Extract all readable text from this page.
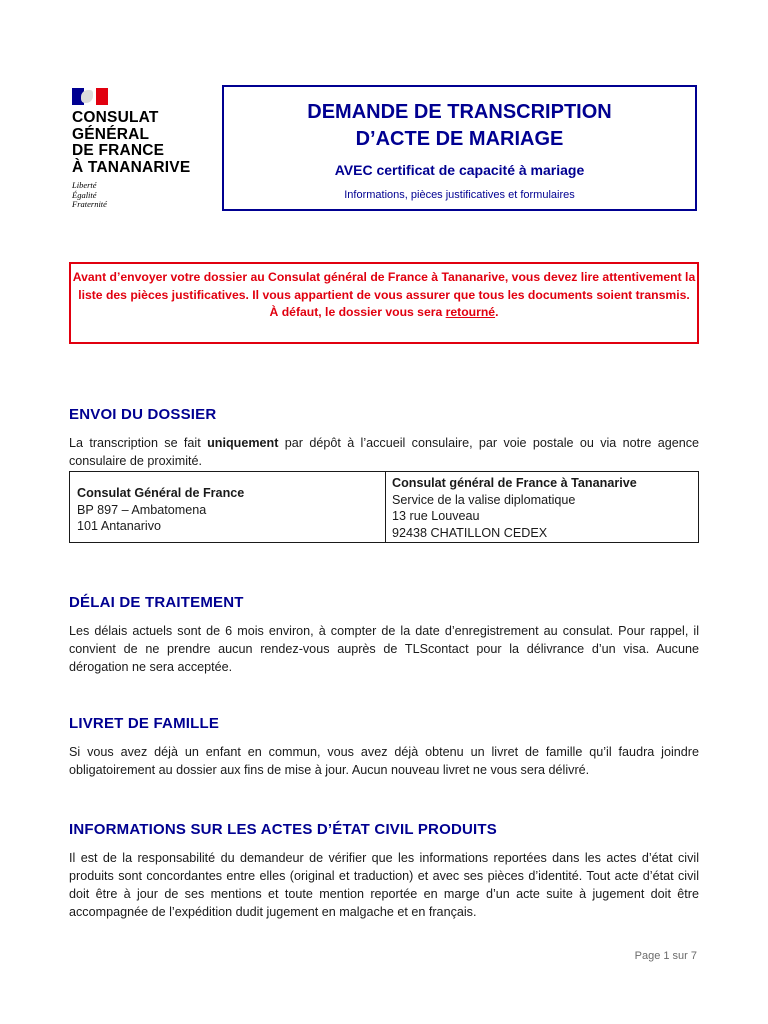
CONSULAT
GÉNÉRAL
DE FRANCE
À TANANARIVE
Liberté
Égalité
Fraternité
DEMANDE DE TRANSCRIPTION
D’ACTE DE MARIAGE
AVEC certificat de capacité à mariage
Informations, pièces justificatives et formulaires

Avant d’envoyer votre dossier au Consulat général de France à Tananarive, vous devez lire attentivement la liste des pièces justificatives. Il vous appartient de vous assurer que tous les documents soient transmis.

À défaut, le dossier vous sera retourné.

ENVOI DU DOSSIER
La transcription se fait uniquement par dépôt à l’accueil consulaire, par voie postale ou via notre agence consulaire de proximité.
Consulat Général de France
BP 897 – Ambatomena
101 Antanarivo
Consulat général de France à Tananarive
Service de la valise diplomatique
13 rue Louveau
92438 CHATILLON CEDEX
DÉLAI DE TRAITEMENT
Les délais actuels sont de 6 mois environ, à compter de la date d’enregistrement au consulat. Pour rappel, il convient de ne prendre aucun rendez-vous auprès de TLScontact pour la délivrance d’un visa. Aucune dérogation ne sera acceptée.
LIVRET DE FAMILLE
Si vous avez déjà un enfant en commun, vous avez déjà obtenu un livret de famille qu’il faudra joindre obligatoirement au dossier aux fins de mise à jour. Aucun nouveau livret ne vous sera délivré.
INFORMATIONS SUR LES ACTES D’ÉTAT CIVIL PRODUITS
Il est de la responsabilité du demandeur de vérifier que les informations reportées dans les actes d’état civil produits sont concordantes entre elles (original et traduction) et avec ses pièces d’identité. Tout acte d’état civil doit être à jour de ses mentions et toute mention reportée en marge d’un acte suite à jugement doit être accompagnée de l’expédition dudit jugement en malgache et en français.
Page 1 sur 7
